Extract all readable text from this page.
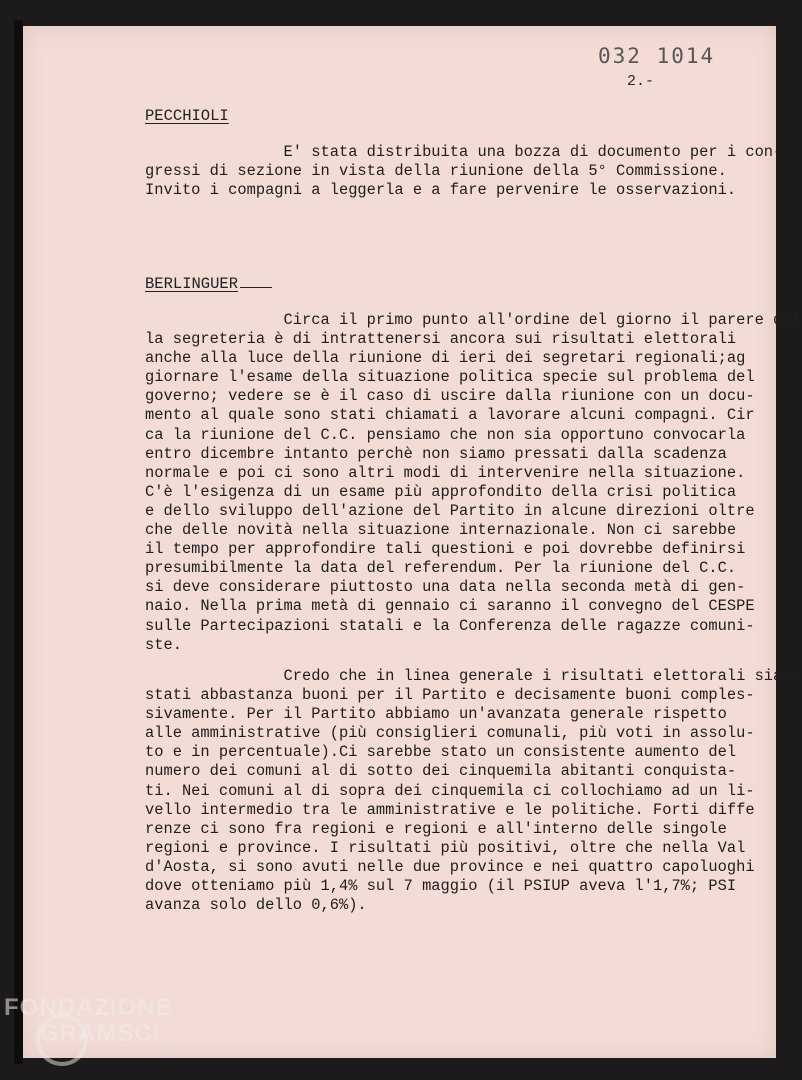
032 1014
2.-
PECCHIOLI
E' stata distribuita una bozza di documento per i con-
gressi di sezione in vista della riunione della 5° Commissione.
Invito i compagni a leggerla e a fare pervenire le osservazioni.
BERLINGUER
Circa il primo punto all'ordine del giorno il parere del
la segreteria è di intrattenersi ancora sui risultati elettorali
anche alla luce della riunione di ieri dei segretari regionali;ag
giornare l'esame della situazione politica specie sul problema del
governo; vedere se è il caso di uscire dalla riunione con un docu-
mento al quale sono stati chiamati a lavorare alcuni compagni. Cir
ca la riunione del C.C. pensiamo che non sia opportuno convocarla
entro dicembre intanto perchè non siamo pressati dalla scadenza
normale e poi ci sono altri modi di intervenire nella situazione.
C'è l'esigenza di un esame più approfondito della crisi politica
e dello sviluppo dell'azione del Partito in alcune direzioni oltre
che delle novità nella situazione internazionale. Non ci sarebbe
il tempo per approfondire tali questioni e poi dovrebbe definirsi
presumibilmente la data del referendum. Per la riunione del C.C.
si deve considerare piuttosto una data nella seconda metà di gen-
naio. Nella prima metà di gennaio ci saranno il convegno del CESPE
sulle Partecipazioni statali e la Conferenza delle ragazze comuni-
ste.
Credo che in linea generale i risultati elettorali siano
stati abbastanza buoni per il Partito e decisamente buoni comples-
sivamente. Per il Partito abbiamo un'avanzata generale rispetto
alle amministrative (più consiglieri comunali, più voti in assolu-
to e in percentuale).Ci sarebbe stato un consistente aumento del
numero dei comuni al di sotto dei cinquemila abitanti conquista-
ti. Nei comuni al di sopra dei cinquemila ci collochiamo ad un li-
vello intermedio tra le amministrative e le politiche. Forti diffe
renze ci sono fra regioni e regioni e all'interno delle singole
regioni e province. I risultati più positivi, oltre che nella Val
d'Aosta, si sono avuti nelle due province e nei quattro capoluoghi
dove otteniamo più 1,4% sul 7 maggio (il PSIUP aveva l'1,7%; PSI
avanza solo dello 0,6%).
FONDAZIONE
GRAMSCI
onlus
